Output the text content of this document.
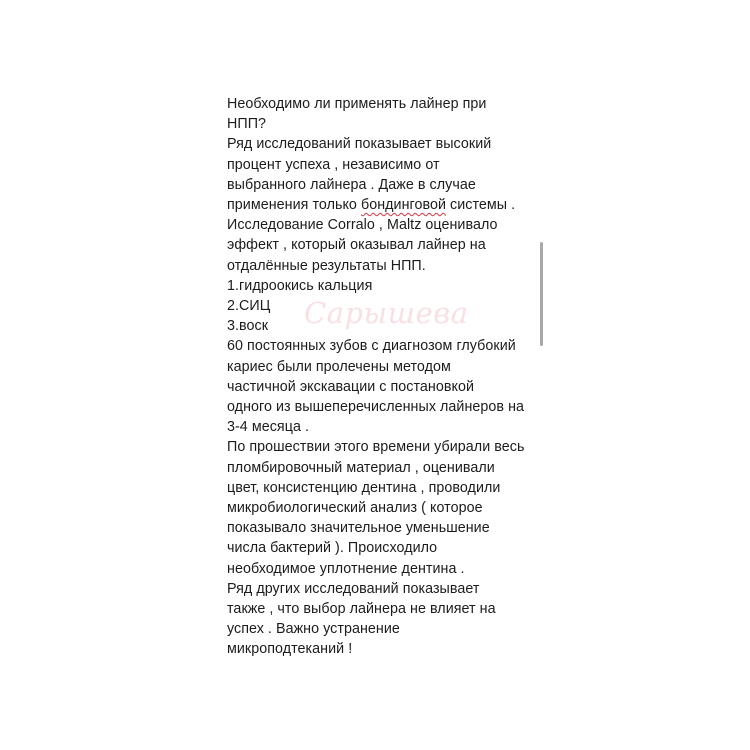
Необходимо ли применять лайнер при
НПП?
Ряд исследований показывает высокий
процент успеха , независимо от
выбранного лайнера . Даже в случае
применения только бондинговой системы .
Исследование Corralo , Maltz оценивало
эффект , который оказывал лайнер на
отдалённые результаты НПП.
1.гидроокись кальция
2.СИЦ
3.воск
60 постоянных зубов с диагнозом глубокий
кариес были пролечены методом
частичной экскавации с постановкой
одного из вышеперечисленных лайнеров на
3-4 месяца .
По прошествии этого времени убирали весь
пломбировочный материал , оценивали
цвет, консистенцию дентина , проводили
микробиологический анализ ( которое
показывало значительное уменьшение
числа бактерий ). Происходило
необходимое уплотнение дентина .
Ряд других исследований показывает
также , что выбор лайнера не влияет на
успех . Важно устранение
микроподтеканий !
Сарышева
